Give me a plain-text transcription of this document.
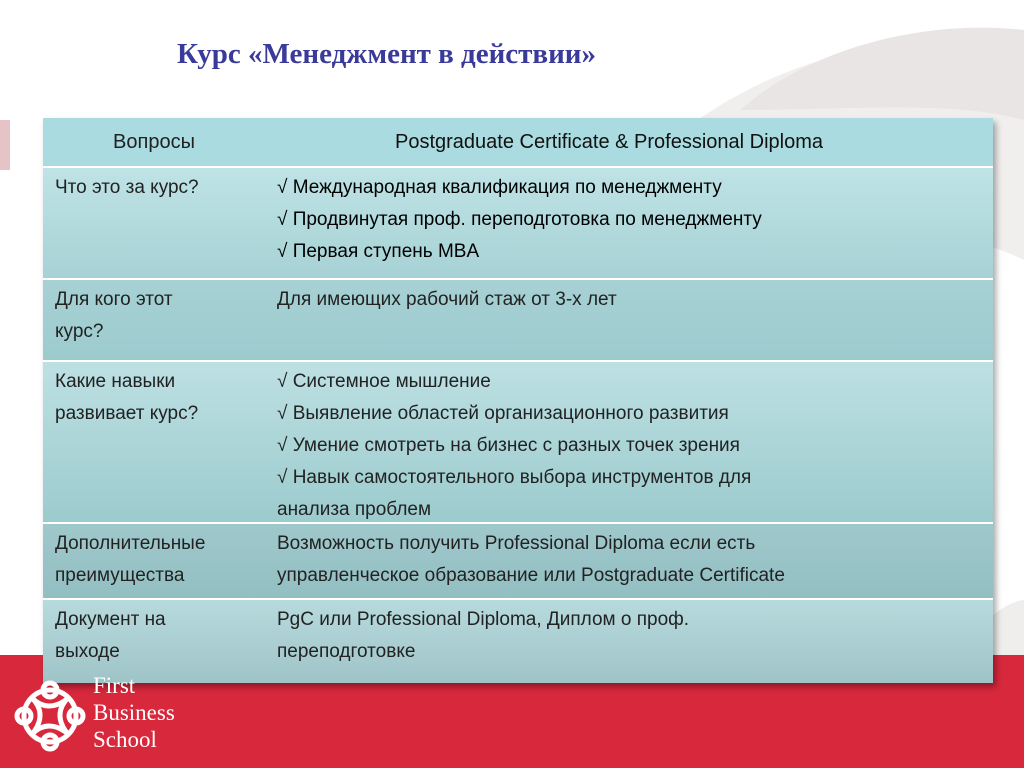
Курс «Менеджмент в действии»
Вопросы	Postgraduate Certificate & Professional Diploma
Что это за курс?	√ Международная квалификация по менеджменту
√ Продвинутая проф. переподготовка по менеджменту
√ Первая ступень MBA
Для кого этот
курс?
Для имеющих рабочий стаж от 3-х лет
Какие навыки
развивает курс?
√ Системное мышление
√ Выявление областей организационного развития
√ Умение смотреть на бизнес с разных точек зрения
√ Навык самостоятельного выбора инструментов для
анализа проблем
Дополнительные
преимущества
Возможность получить Professional Diploma если есть
управленческое образование или Postgraduate Certificate
Документ на
выходе
PgC или Professional Diploma, Диплом о проф.
переподготовке
First
Business
School
